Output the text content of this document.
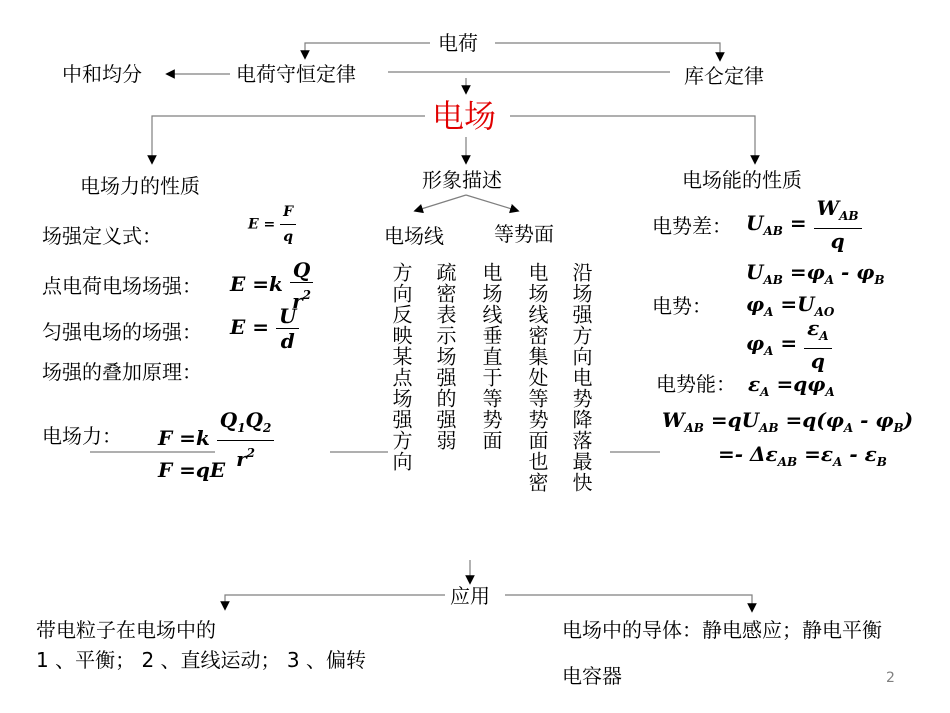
电荷
中和均分	电荷守恒定律	库仑定律
电场
电场力的性质
场强定义式：	$E = \frac{F}{q}$
点电荷电场场强： $E =k \frac{Q}{r^2}$
匀强电场的场强： $E = \frac{U}{d}$
场强的叠加原理：
电场力： $F =k \frac{Q_1Q_2}{r^2}$
F =qE
形象描述
电场线	等势面
方向反映某点场强方向 疏密表示场强的强弱 电场线垂直于等势面 电场线密集处等势面也密 沿场强方向电势降落最快
电场能的性质
电势差： $U_{AB} = \frac{W_{AB}}{q}$
$U_{AB} =\varphi_A - \varphi_B$
电势： $\varphi_A =U_{AO}$
$\varphi_A = \frac{\varepsilon_A}{q}$
电势能： $\varepsilon_A =q\varphi_A$
$W_{AB} =qU_{AB} =q(\varphi_A - \varphi_B)$
=- $\Delta\varepsilon_{AB} =\varepsilon_A - \varepsilon_B$
应用
带电粒子在电场中的
1 、平衡； 2 、直线运动； 3 、偏转
电场中的导体：静电感应；静电平衡
电容器	2
